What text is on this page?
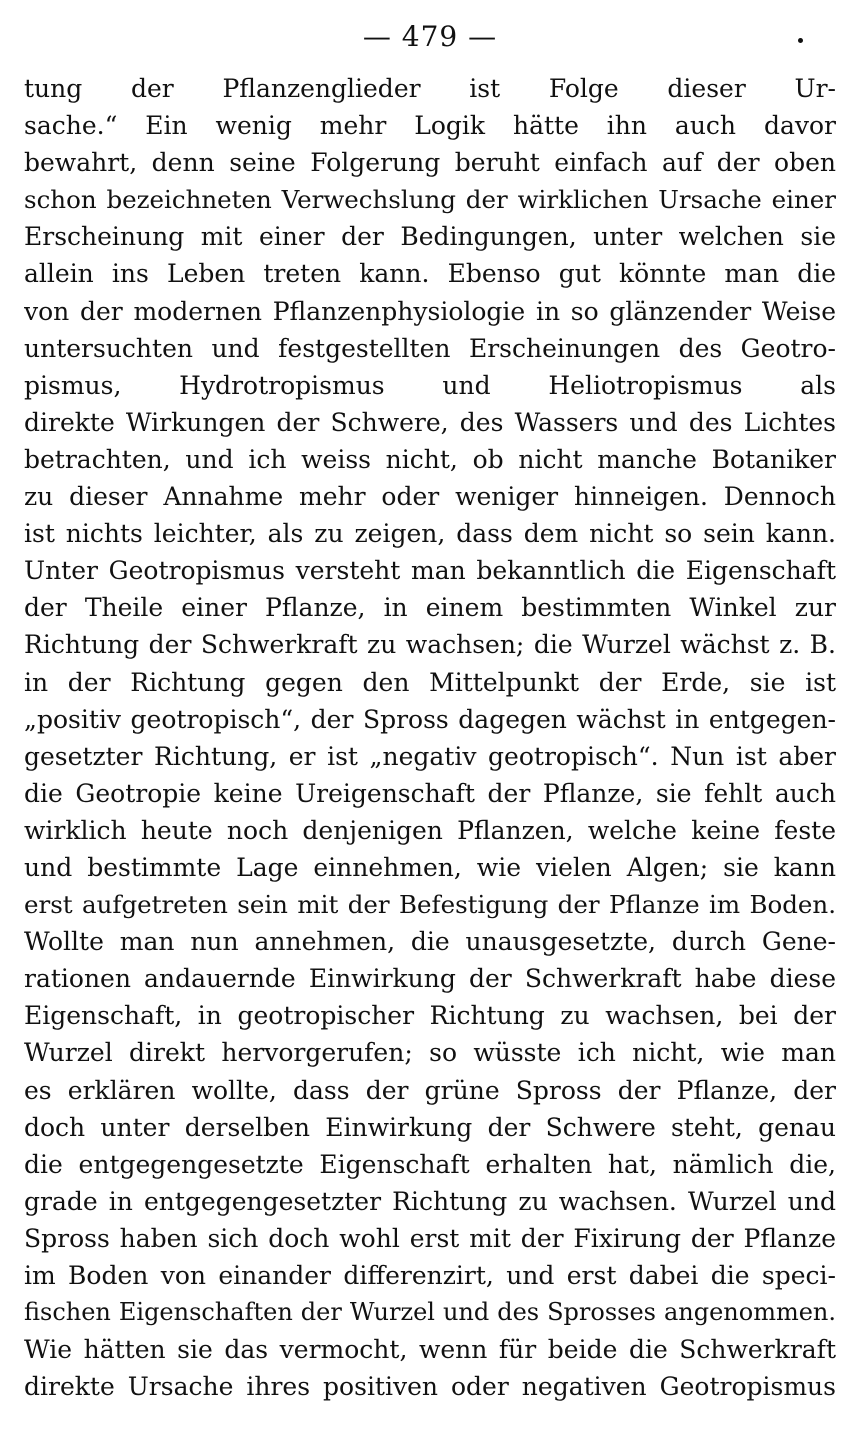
— 479 —
tung der Pflanzenglieder ist Folge dieser Ur-
sache.“ Ein wenig mehr Logik hätte ihn auch davor
bewahrt, denn seine Folgerung beruht einfach auf der oben
schon bezeichneten Verwechslung der wirklichen Ursache einer
Erscheinung mit einer der Bedingungen, unter welchen sie
allein ins Leben treten kann. Ebenso gut könnte man die
von der modernen Pflanzenphysiologie in so glänzender Weise
untersuchten und festgestellten Erscheinungen des Geotro-
pismus, Hydrotropismus und Heliotropismus als
direkte Wirkungen der Schwere, des Wassers und des Lichtes
betrachten, und ich weiss nicht, ob nicht manche Botaniker
zu dieser Annahme mehr oder weniger hinneigen. Dennoch
ist nichts leichter, als zu zeigen, dass dem nicht so sein kann.
Unter Geotropismus versteht man bekanntlich die Eigenschaft
der Theile einer Pflanze, in einem bestimmten Winkel zur
Richtung der Schwerkraft zu wachsen; die Wurzel wächst z. B.
in der Richtung gegen den Mittelpunkt der Erde, sie ist
„positiv geotropisch“, der Spross dagegen wächst in entgegen-
gesetzter Richtung, er ist „negativ geotropisch“. Nun ist aber
die Geotropie keine Ureigenschaft der Pflanze, sie fehlt auch
wirklich heute noch denjenigen Pflanzen, welche keine feste
und bestimmte Lage einnehmen, wie vielen Algen; sie kann
erst aufgetreten sein mit der Befestigung der Pflanze im Boden.
Wollte man nun annehmen, die unausgesetzte, durch Gene-
rationen andauernde Einwirkung der Schwerkraft habe diese
Eigenschaft, in geotropischer Richtung zu wachsen, bei der
Wurzel direkt hervorgerufen; so wüsste ich nicht, wie man
es erklären wollte, dass der grüne Spross der Pflanze, der
doch unter derselben Einwirkung der Schwere steht, genau
die entgegengesetzte Eigenschaft erhalten hat, nämlich die,
grade in entgegengesetzter Richtung zu wachsen. Wurzel und
Spross haben sich doch wohl erst mit der Fixirung der Pflanze
im Boden von einander differenzirt, und erst dabei die speci-
fischen Eigenschaften der Wurzel und des Sprosses angenommen.
Wie hätten sie das vermocht, wenn für beide die Schwerkraft
direkte Ursache ihres positiven oder negativen Geotropismus
